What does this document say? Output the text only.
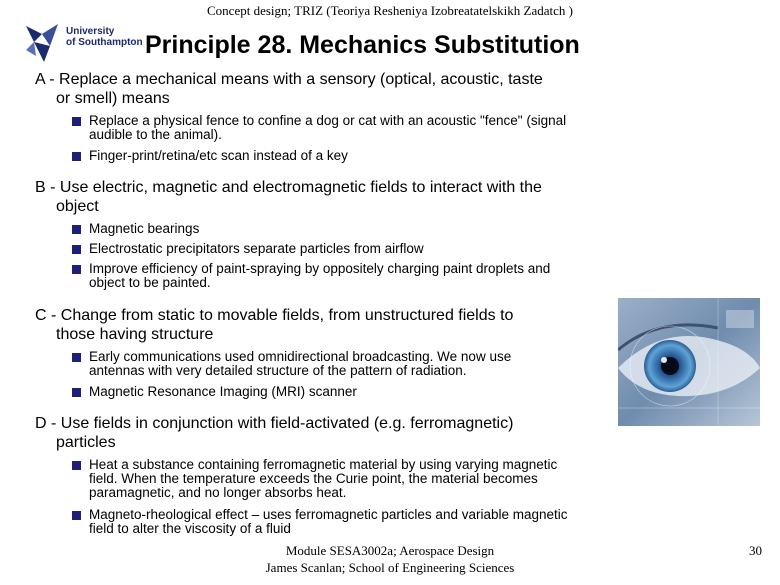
Concept design; TRIZ (Teoriya Resheniya Izobreatatelskikh Zadatch )
University
of Southampton Principle 28. Mechanics Substitution
A - Replace a mechanical means with a sensory (optical, acoustic, taste
or smell) means
Replace a physical fence to confine a dog or cat with an acoustic "fence" (signal
audible to the animal).
Finger-print/retina/etc scan instead of a key
B - Use electric, magnetic and electromagnetic fields to interact with the
object
Magnetic bearings
Electrostatic precipitators separate particles from airflow
Improve efficiency of paint-spraying by oppositely charging paint droplets and
object to be painted.
C - Change from static to movable fields, from unstructured fields to
those having structure
Early communications used omnidirectional broadcasting. We now use
antennas with very detailed structure of the pattern of radiation.
Magnetic Resonance Imaging (MRI) scanner
D - Use fields in conjunction with field-activated (e.g. ferromagnetic)
particles
Heat a substance containing ferromagnetic material by using varying magnetic
field. When the temperature exceeds the Curie point, the material becomes
paramagnetic, and no longer absorbs heat.
Magneto-rheological effect – uses ferromagnetic particles and variable magnetic
field to alter the viscosity of a fluid
Module SESA3002a; Aerospace Design
James Scanlan; School of Engineering Sciences
30
